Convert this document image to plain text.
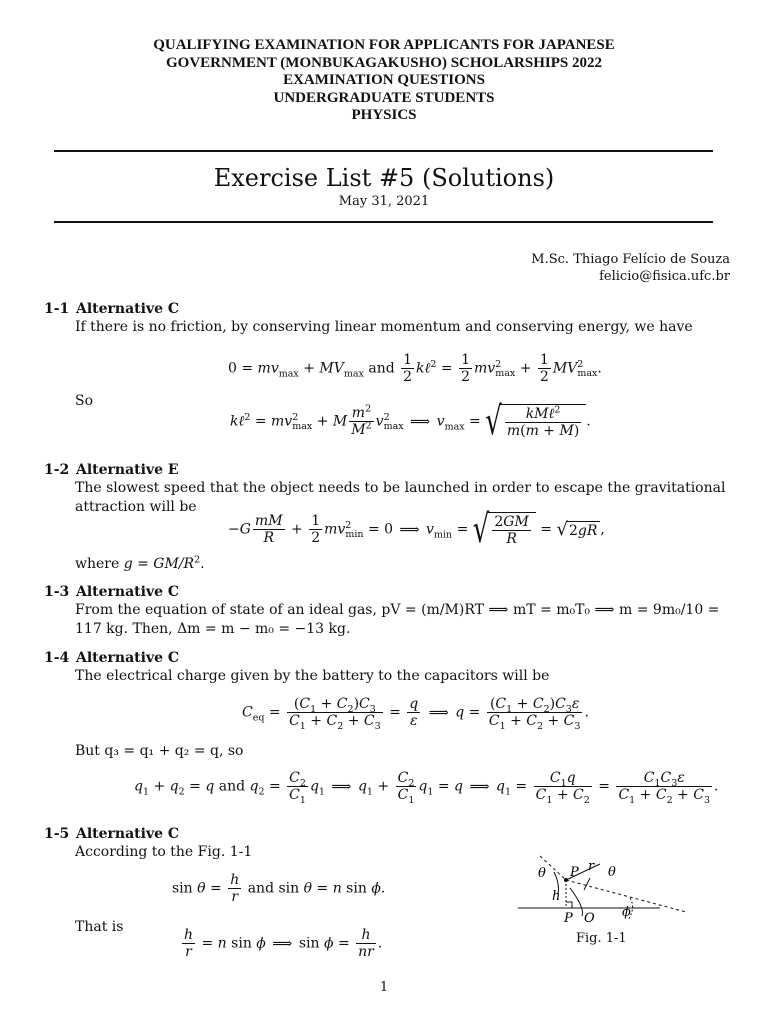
QUALIFYING EXAMINATION FOR APPLICANTS FOR JAPANESE
GOVERNMENT (MONBUKAGAKUSHO) SCHOLARSHIPS 2022
EXAMINATION QUESTIONS
UNDERGRADUATE STUDENTS
PHYSICS
Exercise List #5 (Solutions)
May 31, 2021
M.Sc. Thiago Felício de Souza
felicio@fisica.ufc.br
1-1 Alternative C
If there is no friction, by conserving linear momentum and conserving energy, we have
$0 = mv_{max} + MV_{max}$ and $\frac{1}{2}$ kℓ$^2$ = $\frac{1}{2} mv^2_{max} + \frac{1}{2} MV^2_{max}$.
So
kℓ$^2$ = $mv^2_{max} + M \frac{m^2}{M^2} v^2_{max}$ ⟹ $v_{max}$ = √ $\frac{kM\ell^2}{m(m + M)}$ .
1-2 Alternative E
The slowest speed that the object needs to be launched in order to escape the gravitational attraction will be
$-G \frac{mM}{R} + \frac{1}{2} mv^2_{min} = 0$ ⟹ $v_{min}$ = √ $\frac{2GM}{R} = √2gR$ ,
where $g = GM/R^2$.
1-3 Alternative C
From the equation of state of an ideal gas, pV = (m/M)RT ⟹ mT = m₀T₀ ⟹ m = 9m₀/10 =
117 kg. Then, Δm = m − m₀ = −13 kg.
1-4 Alternative C
The electrical charge given by the battery to the capacitors will be
$C_{eq} = \frac{(C_1 + C_2)C_3}{C_1 + C_2 + C_3} = \frac{q}{\varepsilon}$ ⟹ $q = \frac{(C_1 + C_2)C_3\varepsilon}{C_1 + C_2 + C_3}$ .
But q₃ = q₁ + q₂ = q, so
$q_1 + q_2 = q$ and $q_2 = \frac{C_2}{C_1} q_1$ ⟹ $q_1 + \frac{C_2}{C_1} q_1 = q$ ⟹ $q_1 = \frac{C_1q}{C_1 + C_2} = \frac{C_1C_3\varepsilon}{C_1 + C_2 + C_3}$ .
1-5 Alternative C
According to the Fig. 1-1
$\sin \theta = \frac{h}{r}$ and sin θ = n sin ϕ.
That is	$\frac{h}{r} = n$ sin ϕ ⟹ $\sin \phi = \frac{h}{nr}$ .
θ P r θ
h
P O ϕ
Fig. 1-1
1
